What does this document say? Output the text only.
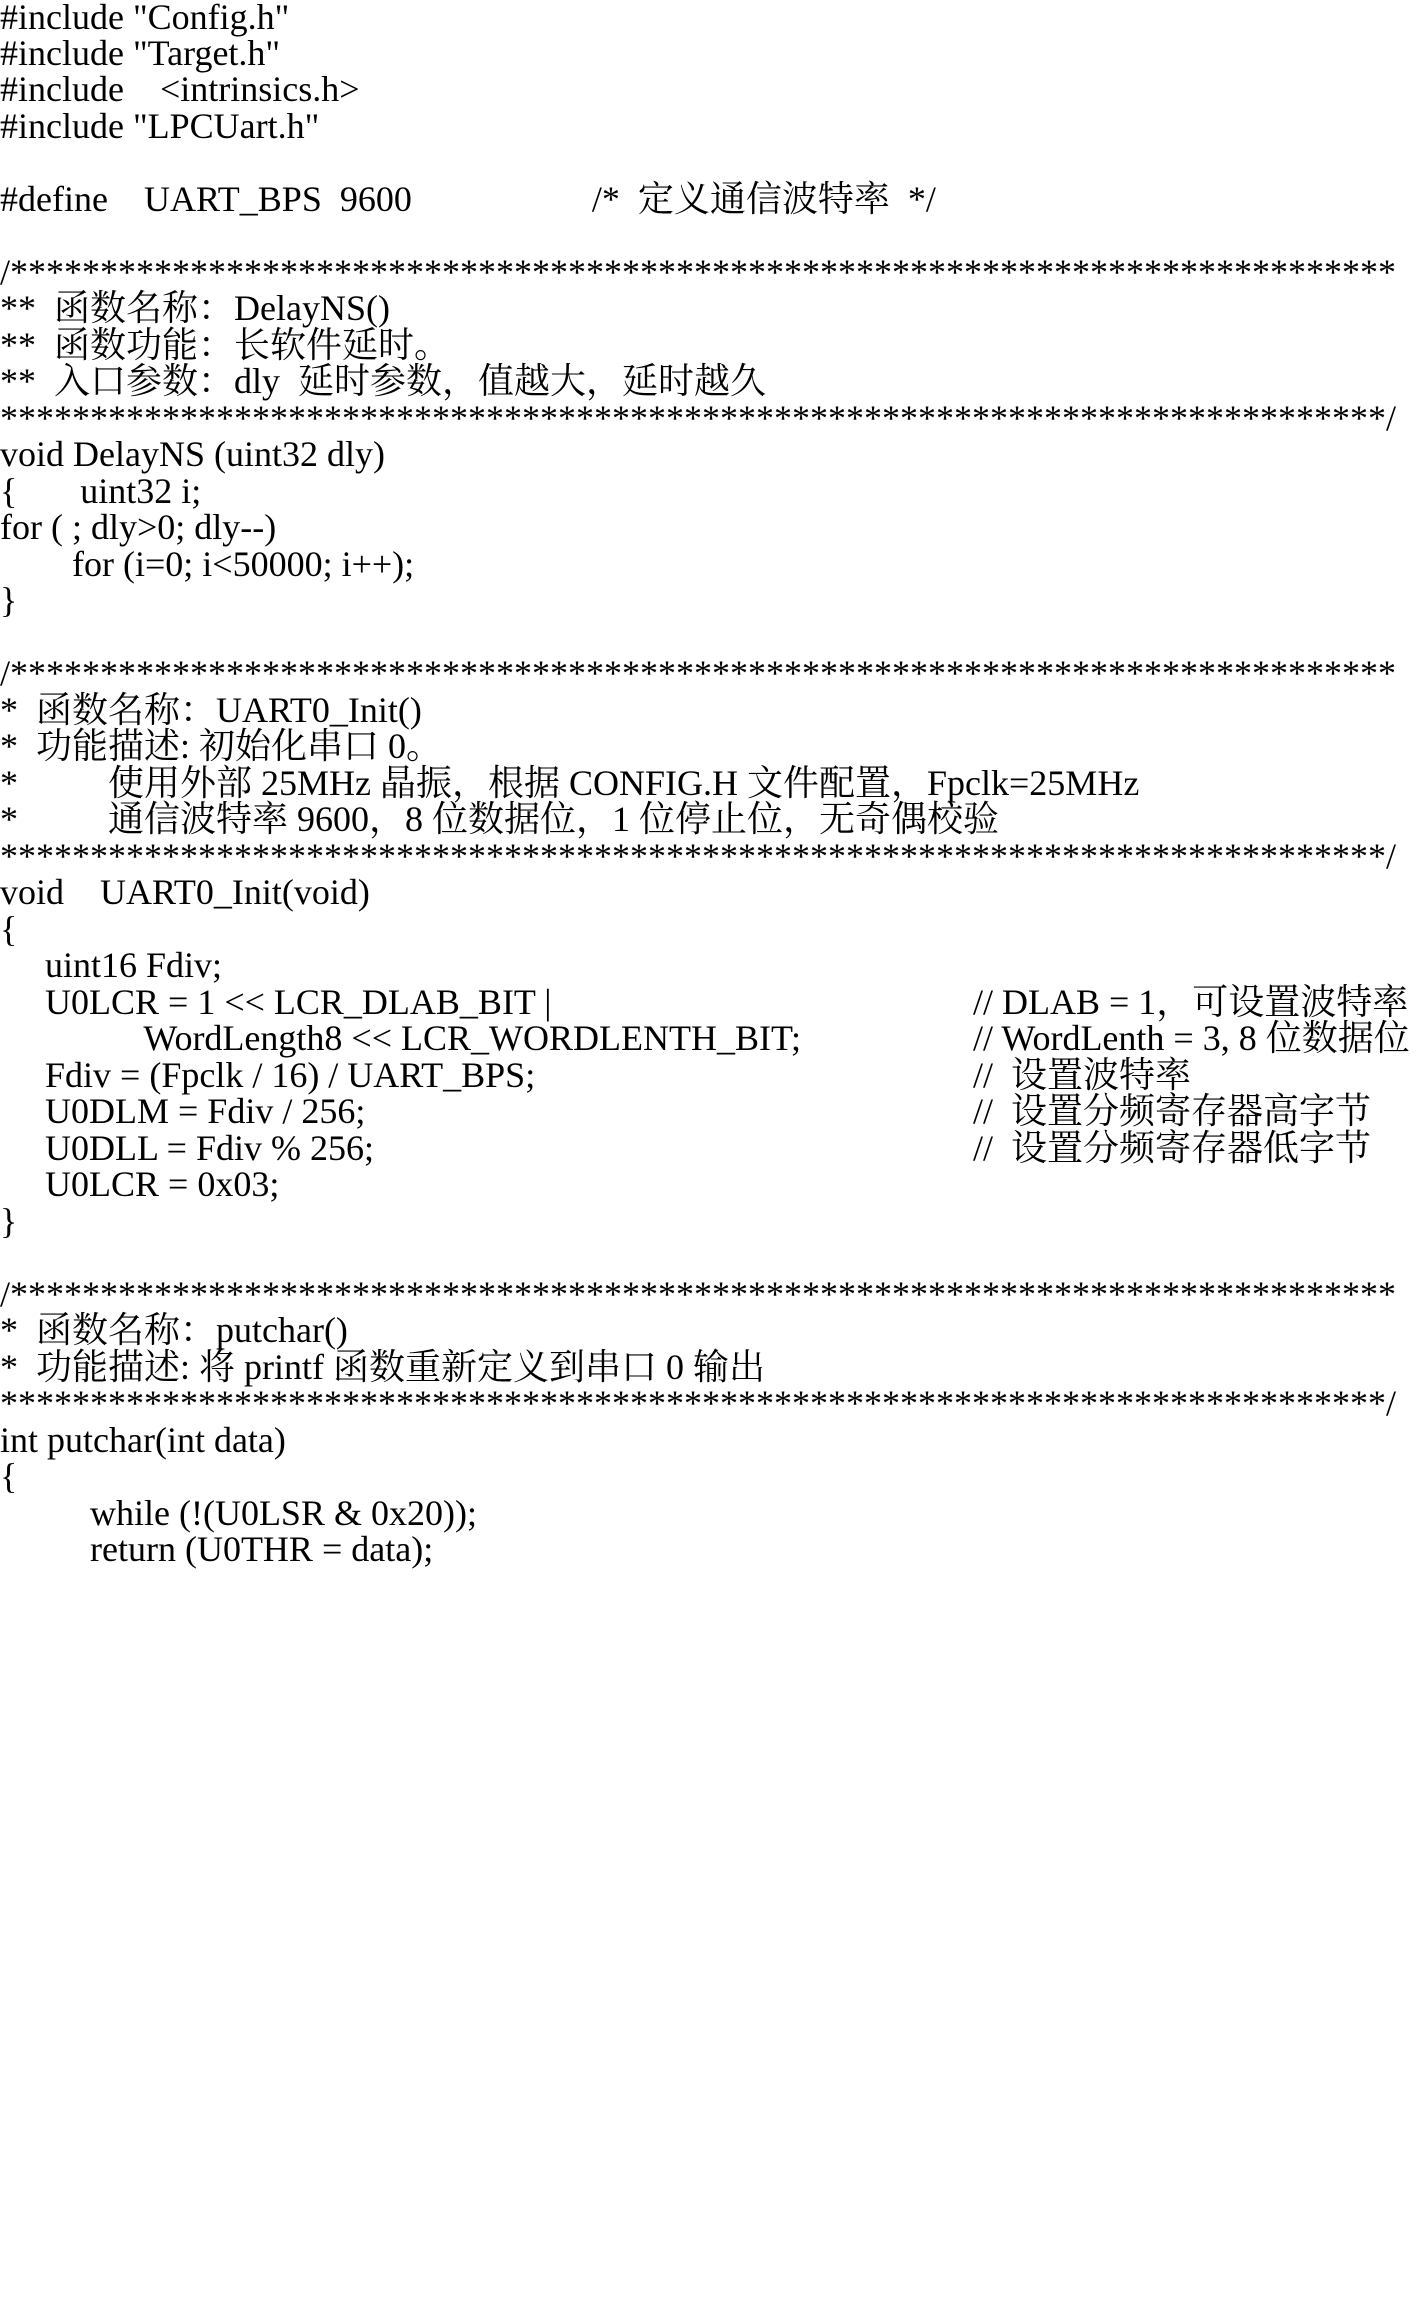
#include "Config.h"
#include "Target.h"
#include    <intrinsics.h>
#include "LPCUart.h"
#define    UART_BPS  9600                    /*  定义通信波特率  */
/*****************************************************************************
**  函数名称：DelayNS()
**  函数功能：长软件延时。
**  入口参数：dly  延时参数，值越大，延时越久
*****************************************************************************/
void DelayNS (uint32 dly)
{       uint32 i;
for ( ; dly>0; dly--)
for (i=0; i<50000; i++);
}
/*****************************************************************************
*  函数名称：UART0_Init()
*  功能描述: 初始化串口 0。
*          使用外部 25MHz 晶振，根据 CONFIG.H 文件配置，Fpclk=25MHz
*          通信波特率 9600，8 位数据位，1 位停止位，无奇偶校验
*****************************************************************************/
void    UART0_Init(void)
{
uint16 Fdiv;
U0LCR = 1 << LCR_DLAB_BIT |
WordLength8 << LCR_WORDLENTH_BIT;
Fdiv = (Fpclk / 16) / UART_BPS;
U0DLM = Fdiv / 256;
U0DLL = Fdiv % 256;
U0LCR = 0x03;
}
/*****************************************************************************
*  函数名称：putchar()
*  功能描述: 将 printf 函数重新定义到串口 0 输出
*****************************************************************************/
int putchar(int data)
{
while (!(U0LSR & 0x20));
return (U0THR = data);
// DLAB = 1，可设置波特率
// WordLenth = 3, 8 位数据位
//  设置波特率
//  设置分频寄存器高字节
//  设置分频寄存器低字节
